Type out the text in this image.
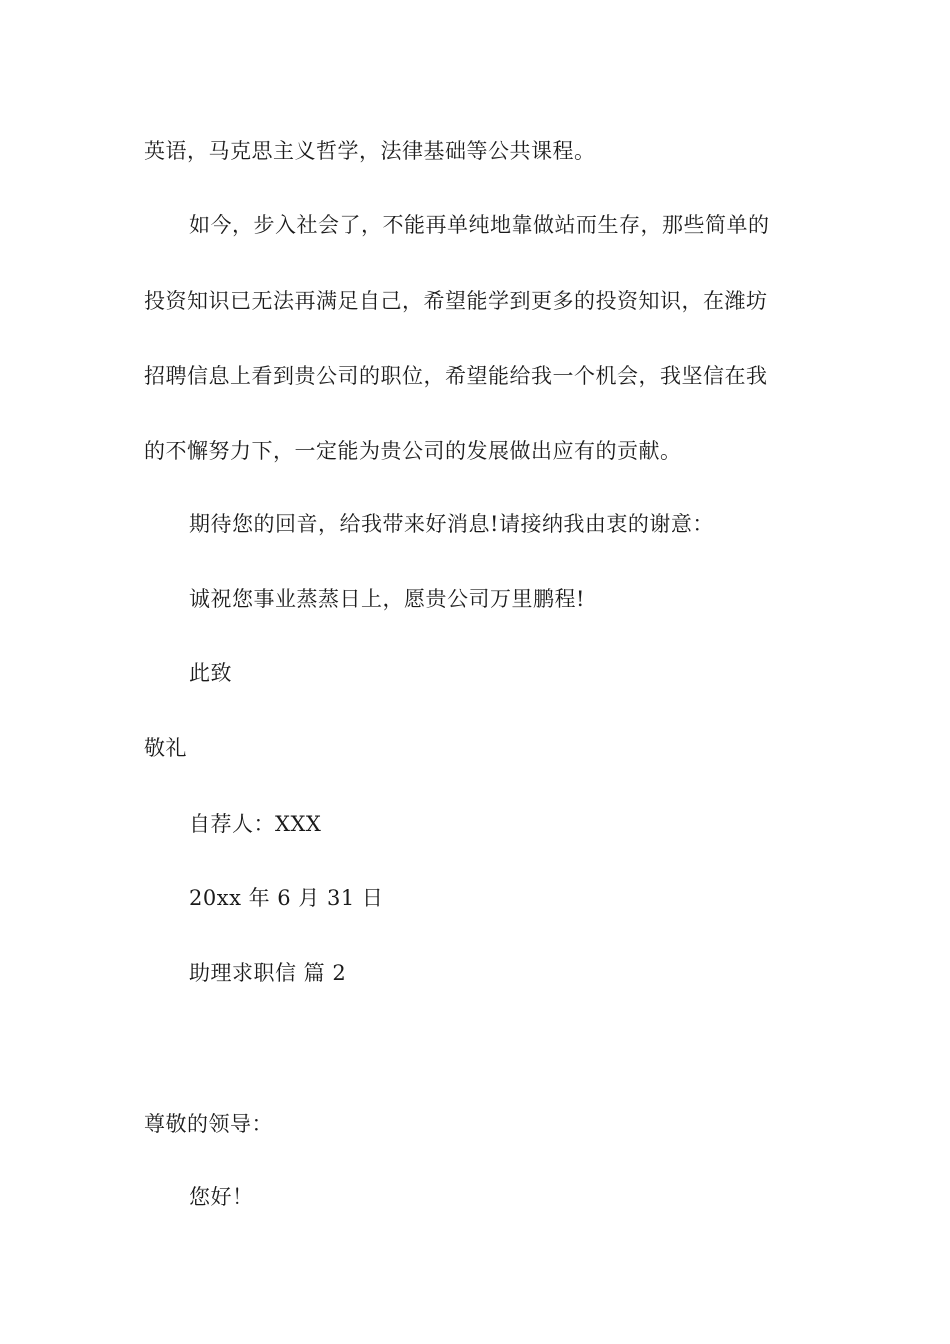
英语，马克思主义哲学，法律基础等公共课程。
如今，步入社会了，不能再单纯地靠做站而生存，那些简单的
投资知识已无法再满足自己，希望能学到更多的投资知识，在潍坊
招聘信息上看到贵公司的职位，希望能给我一个机会，我坚信在我
的不懈努力下，一定能为贵公司的发展做出应有的贡献。
期待您的回音，给我带来好消息!请接纳我由衷的谢意：
诚祝您事业蒸蒸日上，愿贵公司万里鹏程!
此致
敬礼
自荐人：XXX
20xx 年 6 月 31 日
助理求职信 篇 2
尊敬的领导：
您好！
